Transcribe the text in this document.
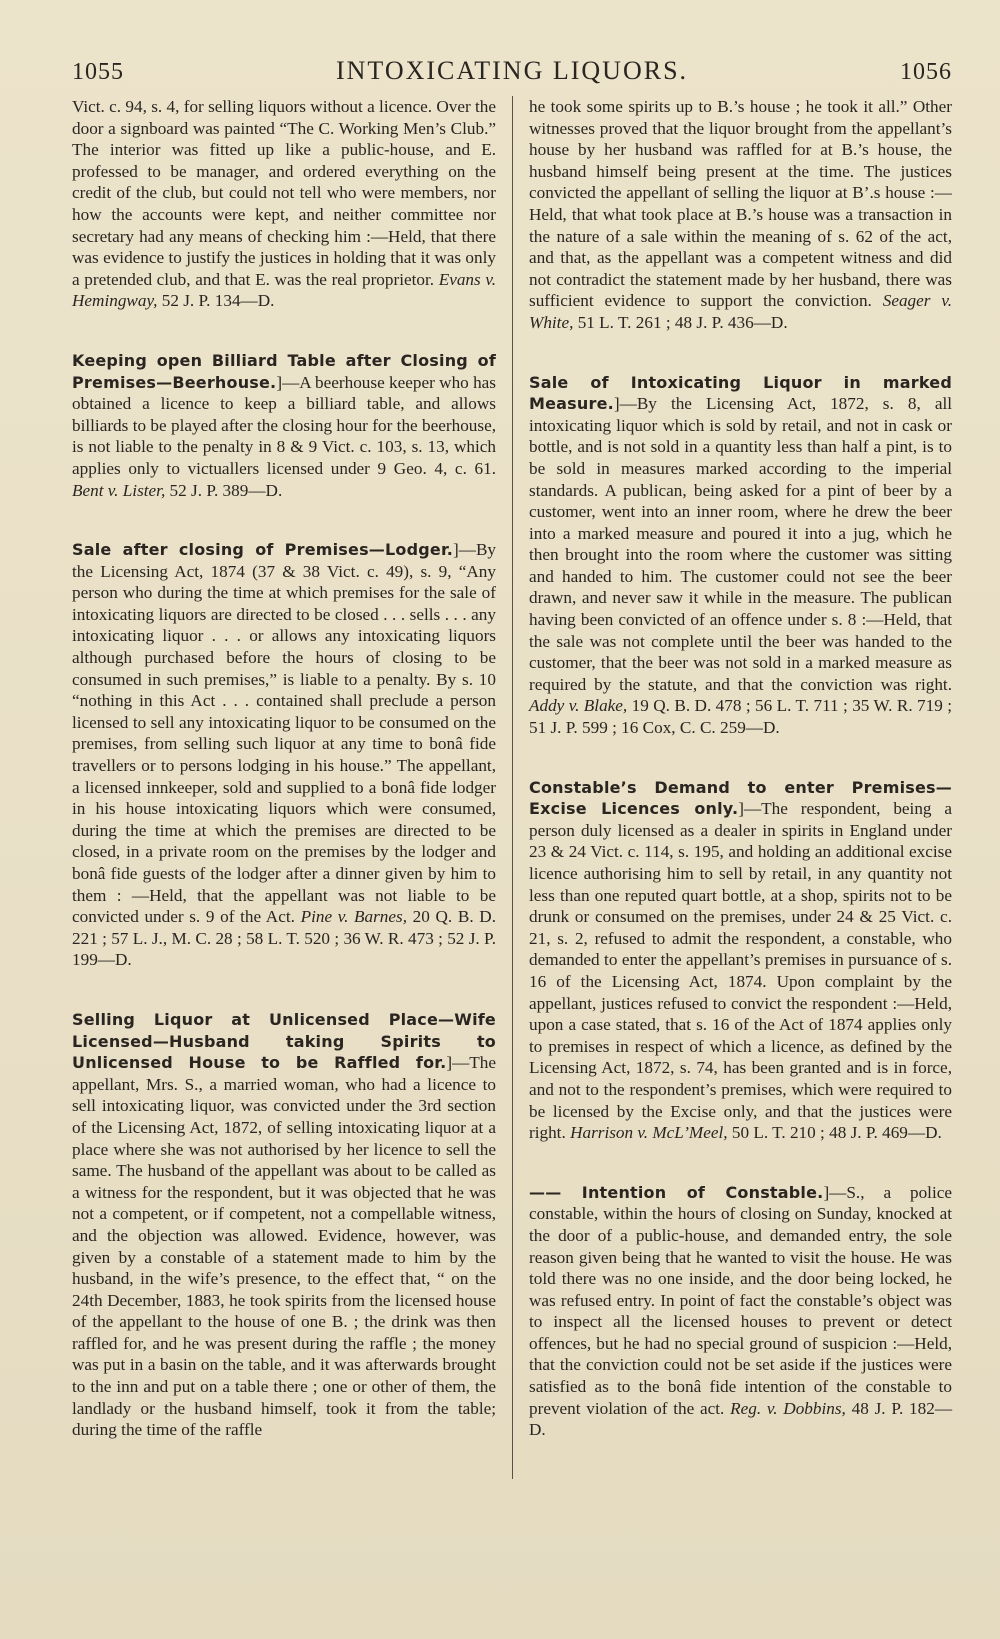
1055	INTOXICATING LIQUORS.	1056

Vict. c. 94, s. 4, for selling liquors without a licence. Over the door a signboard was painted “The C. Working Men’s Club.” The interior was fitted up like a public-house, and E. professed to be manager, and ordered everything on the credit of the club, but could not tell who were members, nor how the accounts were kept, and neither committee nor secretary had any means of checking him :—Held, that there was evidence to justify the justices in holding that it was only a pretended club, and that E. was the real proprietor. Evans v. Hemingway, 52 J. P. 134—D.

Keeping open Billiard Table after Closing of Premises—Beerhouse.]—A beerhouse keeper who has obtained a licence to keep a billiard table, and allows billiards to be played after the closing hour for the beerhouse, is not liable to the penalty in 8 & 9 Vict. c. 103, s. 13, which applies only to victuallers licensed under 9 Geo. 4, c. 61. Bent v. Lister, 52 J. P. 389—D.

Sale after closing of Premises—Lodger.]—By the Licensing Act, 1874 (37 & 38 Vict. c. 49), s. 9, “Any person who during the time at which premises for the sale of intoxicating liquors are directed to be closed . . . sells . . . any intoxicating liquor . . . or allows any intoxicating liquors although purchased before the hours of closing to be consumed in such premises,” is liable to a penalty. By s. 10 “nothing in this Act . . . contained shall preclude a person licensed to sell any intoxicating liquor to be consumed on the premises, from selling such liquor at any time to bonâ fide travellers or to persons lodging in his house.” The appellant, a licensed innkeeper, sold and supplied to a bonâ fide lodger in his house intoxicating liquors which were consumed, during the time at which the premises are directed to be closed, in a private room on the premises by the lodger and bonâ fide guests of the lodger after a dinner given by him to them : —Held, that the appellant was not liable to be convicted under s. 9 of the Act. Pine v. Barnes, 20 Q. B. D. 221 ; 57 L. J., M. C. 28 ; 58 L. T. 520 ; 36 W. R. 473 ; 52 J. P. 199—D.

Selling Liquor at Unlicensed Place—Wife Licensed—Husband taking Spirits to Unlicensed House to be Raffled for.]—The appellant, Mrs. S., a married woman, who had a licence to sell intoxicating liquor, was convicted under the 3rd section of the Licensing Act, 1872, of selling intoxicating liquor at a place where she was not authorised by her licence to sell the same. The husband of the appellant was about to be called as a witness for the respondent, but it was objected that he was not a competent, or if competent, not a compellable witness, and the objection was allowed. Evidence, however, was given by a constable of a statement made to him by the husband, in the wife’s presence, to the effect that, “ on the 24th December, 1883, he took spirits from the licensed house of the appellant to the house of one B. ; the drink was then raffled for, and he was present during the raffle ; the money was put in a basin on the table, and it was afterwards brought to the inn and put on a table there ; one or other of them, the landlady or the husband himself, took it from the table; during the time of the raffle

he took some spirits up to B.’s house ; he took it all.” Other witnesses proved that the liquor brought from the appellant’s house by her husband was raffled for at B.’s house, the husband himself being present at the time. The justices convicted the appellant of selling the liquor at B’.s house :—Held, that what took place at B.’s house was a transaction in the nature of a sale within the meaning of s. 62 of the act, and that, as the appellant was a competent witness and did not contradict the statement made by her husband, there was sufficient evidence to support the conviction. Seager v. White, 51 L. T. 261 ; 48 J. P. 436—D.

Sale of Intoxicating Liquor in marked Measure.]—By the Licensing Act, 1872, s. 8, all intoxicating liquor which is sold by retail, and not in cask or bottle, and is not sold in a quantity less than half a pint, is to be sold in measures marked according to the imperial standards. A publican, being asked for a pint of beer by a customer, went into an inner room, where he drew the beer into a marked measure and poured it into a jug, which he then brought into the room where the customer was sitting and handed to him. The customer could not see the beer drawn, and never saw it while in the measure. The publican having been convicted of an offence under s. 8 :—Held, that the sale was not complete until the beer was handed to the customer, that the beer was not sold in a marked measure as required by the statute, and that the conviction was right. Addy v. Blake, 19 Q. B. D. 478 ; 56 L. T. 711 ; 35 W. R. 719 ; 51 J. P. 599 ; 16 Cox, C. C. 259—D.

Constable’s Demand to enter Premises—Excise Licences only.]—The respondent, being a person duly licensed as a dealer in spirits in England under 23 & 24 Vict. c. 114, s. 195, and holding an additional excise licence authorising him to sell by retail, in any quantity not less than one reputed quart bottle, at a shop, spirits not to be drunk or consumed on the premises, under 24 & 25 Vict. c. 21, s. 2, refused to admit the respondent, a constable, who demanded to enter the appellant’s premises in pursuance of s. 16 of the Licensing Act, 1874. Upon complaint by the appellant, justices refused to convict the respondent :—Held, upon a case stated, that s. 16 of the Act of 1874 applies only to premises in respect of which a licence, as defined by the Licensing Act, 1872, s. 74, has been granted and is in force, and not to the respondent’s premises, which were required to be licensed by the Excise only, and that the justices were right. Harrison v. McL’Meel, 50 L. T. 210 ; 48 J. P. 469—D.

—— Intention of Constable.]—S., a police constable, within the hours of closing on Sunday, knocked at the door of a public-house, and demanded entry, the sole reason given being that he wanted to visit the house. He was told there was no one inside, and the door being locked, he was refused entry. In point of fact the constable’s object was to inspect all the licensed houses to prevent or detect offences, but he had no special ground of suspicion :—Held, that the conviction could not be set aside if the justices were satisfied as to the bonâ fide intention of the constable to prevent violation of the act. Reg. v. Dobbins, 48 J. P. 182—D.
